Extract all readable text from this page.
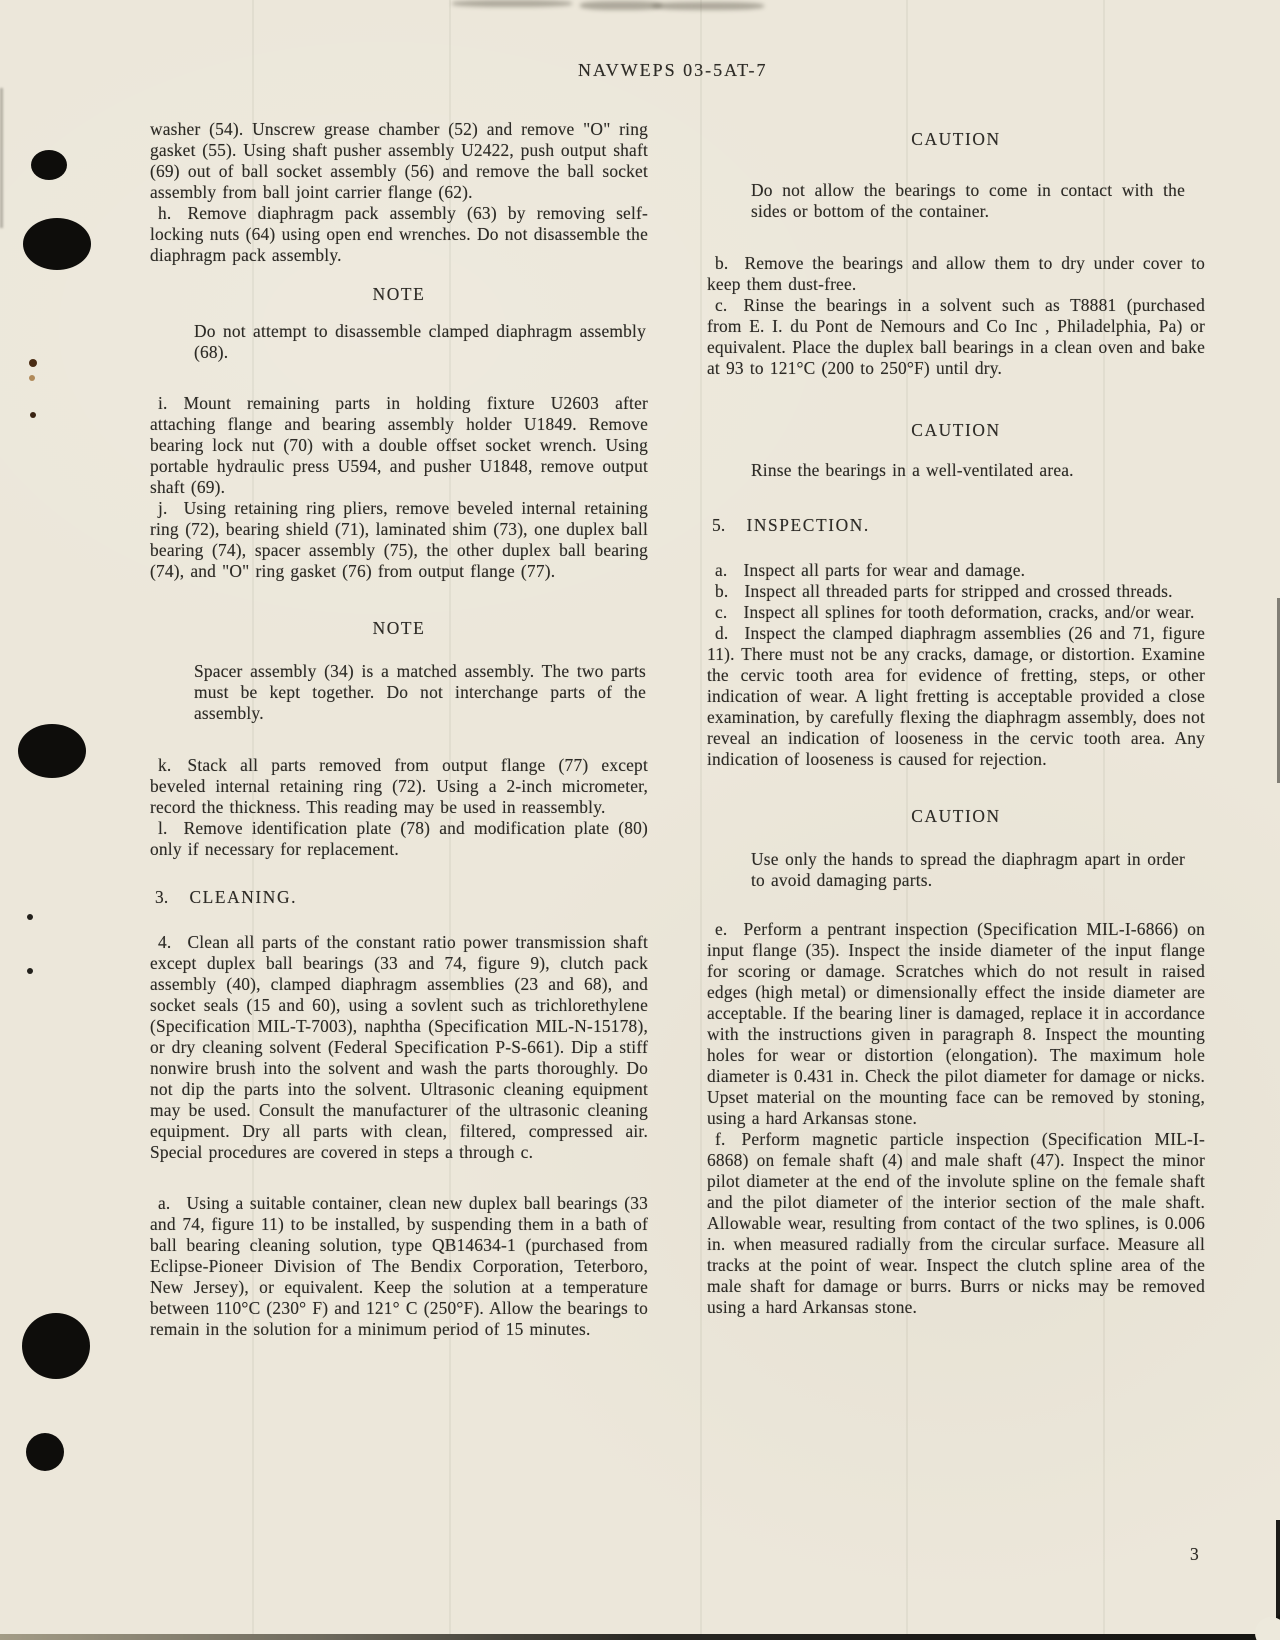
NAVWEPS 03-5AT-7
washer (54). Unscrew grease chamber (52) and remove "O" ring gasket (55). Using shaft pusher assembly U2422, push output shaft (69) out of ball socket assembly (56) and remove the ball socket assembly from ball joint carrier flange (62).
h. Remove diaphragm pack assembly (63) by removing self-locking nuts (64) using open end wrenches. Do not disassemble the diaphragm pack assembly.
NOTE
Do not attempt to disassemble clamped diaphragm assembly (68).
i. Mount remaining parts in holding fixture U2603 after attaching flange and bearing assembly holder U1849. Remove bearing lock nut (70) with a double offset socket wrench. Using portable hydraulic press U594, and pusher U1848, remove output shaft (69).
j. Using retaining ring pliers, remove beveled internal retaining ring (72), bearing shield (71), laminated shim (73), one duplex ball bearing (74), spacer assembly (75), the other duplex ball bearing (74), and "O" ring gasket (76) from output flange (77).
NOTE
Spacer assembly (34) is a matched assembly. The two parts must be kept together. Do not interchange parts of the assembly.
k. Stack all parts removed from output flange (77) except beveled internal retaining ring (72). Using a 2-inch micrometer, record the thickness. This reading may be used in reassembly.
l. Remove identification plate (78) and modification plate (80) only if necessary for replacement.
3. CLEANING.
4. Clean all parts of the constant ratio power transmission shaft except duplex ball bearings (33 and 74, figure 9), clutch pack assembly (40), clamped diaphragm assemblies (23 and 68), and socket seals (15 and 60), using a sovlent such as trichlorethylene (Specification MIL-T-7003), naphtha (Specification MIL-N-15178), or dry cleaning solvent (Federal Specification P-S-661). Dip a stiff nonwire brush into the solvent and wash the parts thoroughly. Do not dip the parts into the solvent. Ultrasonic cleaning equipment may be used. Consult the manufacturer of the ultrasonic cleaning equipment. Dry all parts with clean, filtered, compressed air. Special procedures are covered in steps a through c.
a. Using a suitable container, clean new duplex ball bearings (33 and 74, figure 11) to be installed, by suspending them in a bath of ball bearing cleaning solution, type QB14634-1 (purchased from Eclipse-Pioneer Division of The Bendix Corporation, Teterboro, New Jersey), or equivalent. Keep the solution at a temperature between 110°C (230° F) and 121° C (250°F). Allow the bearings to remain in the solution for a minimum period of 15 minutes.
CAUTION
Do not allow the bearings to come in contact with the sides or bottom of the container.
b. Remove the bearings and allow them to dry under cover to keep them dust-free.
c. Rinse the bearings in a solvent such as T8881 (purchased from E. I. du Pont de Nemours and Co Inc , Philadelphia, Pa) or equivalent. Place the duplex ball bearings in a clean oven and bake at 93 to 121°C (200 to 250°F) until dry.
CAUTION
Rinse the bearings in a well-ventilated area.
5. INSPECTION.
a. Inspect all parts for wear and damage.
b. Inspect all threaded parts for stripped and crossed threads.
c. Inspect all splines for tooth deformation, cracks, and/or wear.
d. Inspect the clamped diaphragm assemblies (26 and 71, figure 11). There must not be any cracks, damage, or distortion. Examine the cervic tooth area for evidence of fretting, steps, or other indication of wear. A light fretting is acceptable provided a close examination, by carefully flexing the diaphragm assembly, does not reveal an indication of looseness in the cervic tooth area. Any indication of looseness is caused for rejection.
CAUTION
Use only the hands to spread the diaphragm apart in order to avoid damaging parts.
e. Perform a pentrant inspection (Specification MIL-I-6866) on input flange (35). Inspect the inside diameter of the input flange for scoring or damage. Scratches which do not result in raised edges (high metal) or dimensionally effect the inside diameter are acceptable. If the bearing liner is damaged, replace it in accordance with the instructions given in paragraph 8. Inspect the mounting holes for wear or distortion (elongation). The maximum hole diameter is 0.431 in. Check the pilot diameter for damage or nicks. Upset material on the mounting face can be removed by stoning, using a hard Arkansas stone.
f. Perform magnetic particle inspection (Specification MIL-I-6868) on female shaft (4) and male shaft (47). Inspect the minor pilot diameter at the end of the involute spline on the female shaft and the pilot diameter of the interior section of the male shaft. Allowable wear, resulting from contact of the two splines, is 0.006 in. when measured radially from the circular surface. Measure all tracks at the point of wear. Inspect the clutch spline area of the male shaft for damage or burrs. Burrs or nicks may be removed using a hard Arkansas stone.
3
